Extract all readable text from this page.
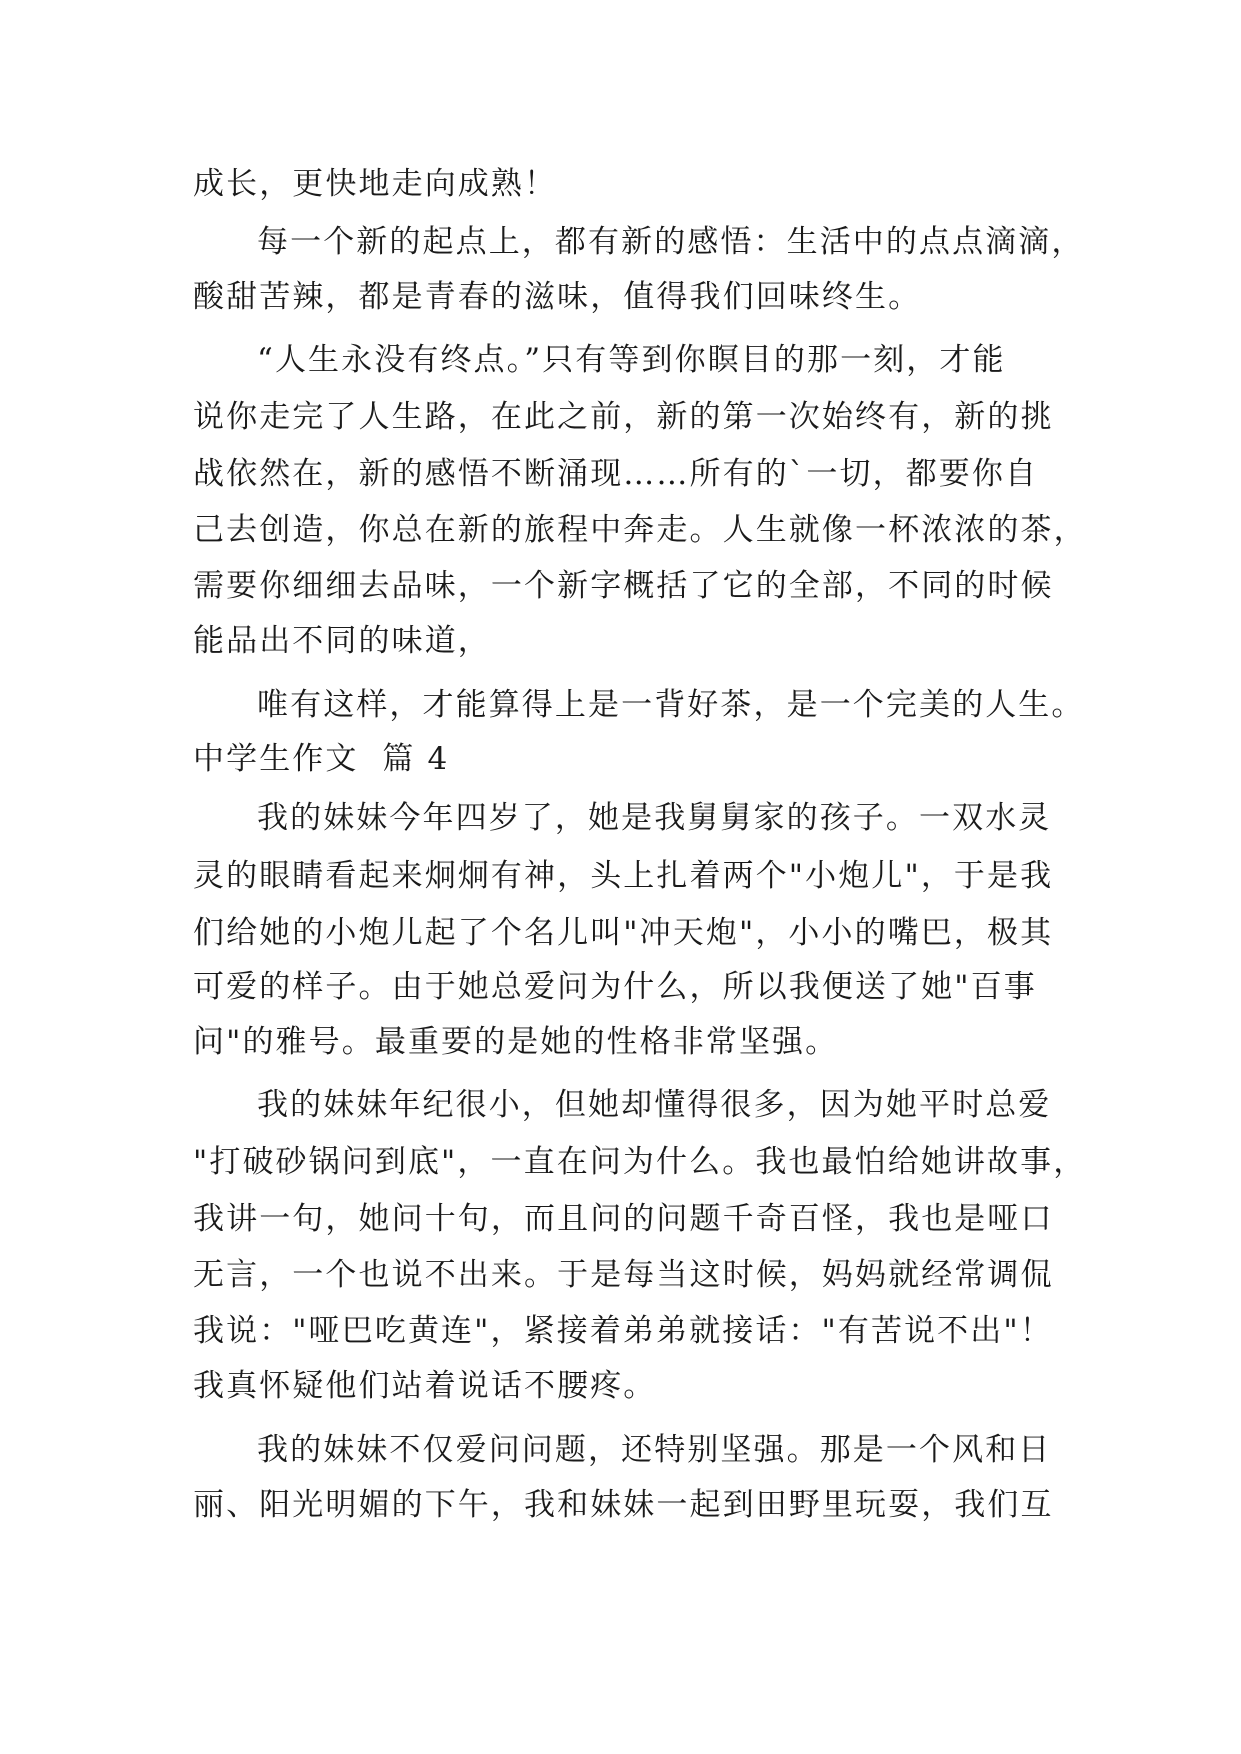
成长，更快地走向成熟！
每一个新的起点上，都有新的感悟：生活中的点点滴滴，
酸甜苦辣，都是青春的滋味，值得我们回味终生。
“人生永没有终点。”只有等到你瞑目的那一刻，才能
说你走完了人生路，在此之前，新的第一次始终有，新的挑
战依然在，新的感悟不断涌现……所有的`一切，都要你自
己去创造，你总在新的旅程中奔走。人生就像一杯浓浓的茶，
需要你细细去品味，一个新字概括了它的全部，不同的时候
能品出不同的味道，
唯有这样，才能算得上是一背好茶，是一个完美的人生。
中学生作文  篇 4
我的妹妹今年四岁了，她是我舅舅家的孩子。一双水灵
灵的眼睛看起来炯炯有神，头上扎着两个"小炮儿"，于是我
们给她的小炮儿起了个名儿叫"冲天炮"，小小的嘴巴，极其
可爱的样子。由于她总爱问为什么，所以我便送了她"百事
问"的雅号。最重要的是她的性格非常坚强。
我的妹妹年纪很小，但她却懂得很多，因为她平时总爱
"打破砂锅问到底"，一直在问为什么。我也最怕给她讲故事，
我讲一句，她问十句，而且问的问题千奇百怪，我也是哑口
无言，一个也说不出来。于是每当这时候，妈妈就经常调侃
我说："哑巴吃黄连"，紧接着弟弟就接话："有苦说不出"！
我真怀疑他们站着说话不腰疼。
我的妹妹不仅爱问问题，还特别坚强。那是一个风和日
丽、阳光明媚的下午，我和妹妹一起到田野里玩耍，我们互
